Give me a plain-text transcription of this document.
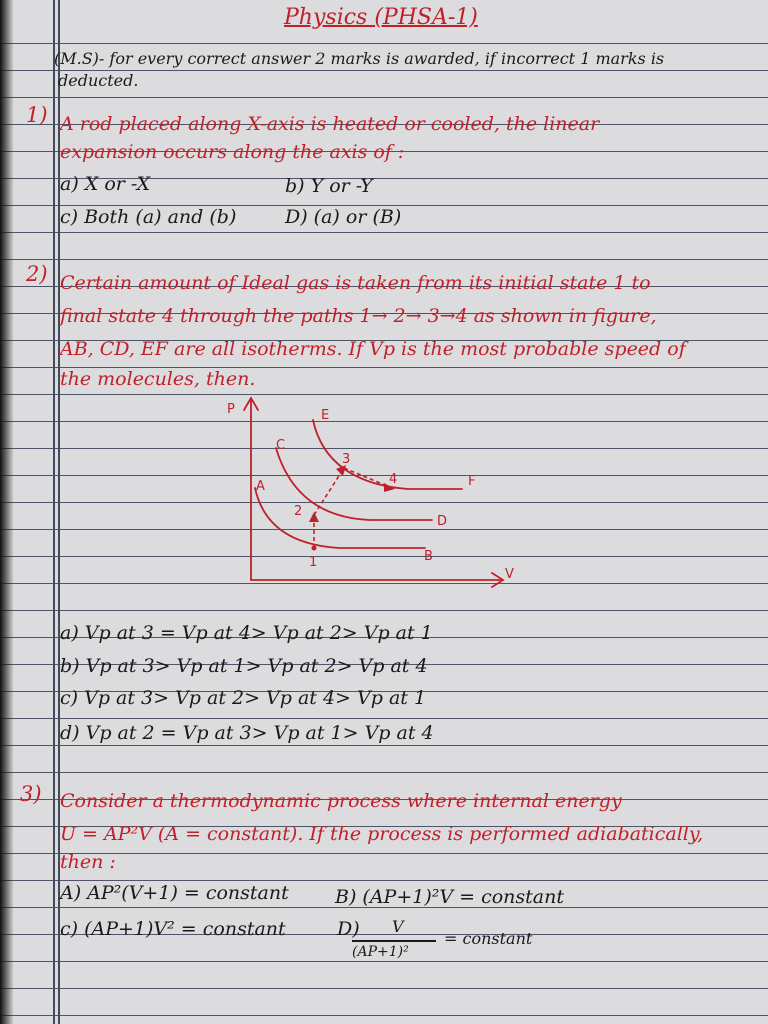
Physics (PHSA-1)
(M.S)- for every correct answer 2 marks is awarded, if incorrect 1 marks is
deducted.
1) A rod placed along X-axis is heated or cooled, the linear
expansion occurs along the axis of :
a) X or -X	b) Y or -Y
c) Both (a) and (b)	D) (a) or (B)
2) Certain amount of Ideal gas is taken from its initial state 1 to
final state 4 through the paths 1→ 2→ 3→4 as shown in figure,
AB, CD, EF are all isotherms. If Vp is the most probable speed of
the molecules, then.
P
V
A
B
C
D
E
F
1
2
3
4
a) Vp at 3 = Vp at 4> Vp at 2> Vp at 1
b) Vp at 3> Vp at 1> Vp at 2> Vp at 4
c) Vp at 3> Vp at 2> Vp at 4> Vp at 1
d) Vp at 2 = Vp at 3> Vp at 1> Vp at 4
3) Consider a thermodynamic process where internal energy
U = AP²V (A = constant). If the process is performed adiabatically,
then :
A) AP²(V+1) = constant B) (AP+1)²V = constant
c) (AP+1)V² = constant	D) V
(AP+1)²
= constant
